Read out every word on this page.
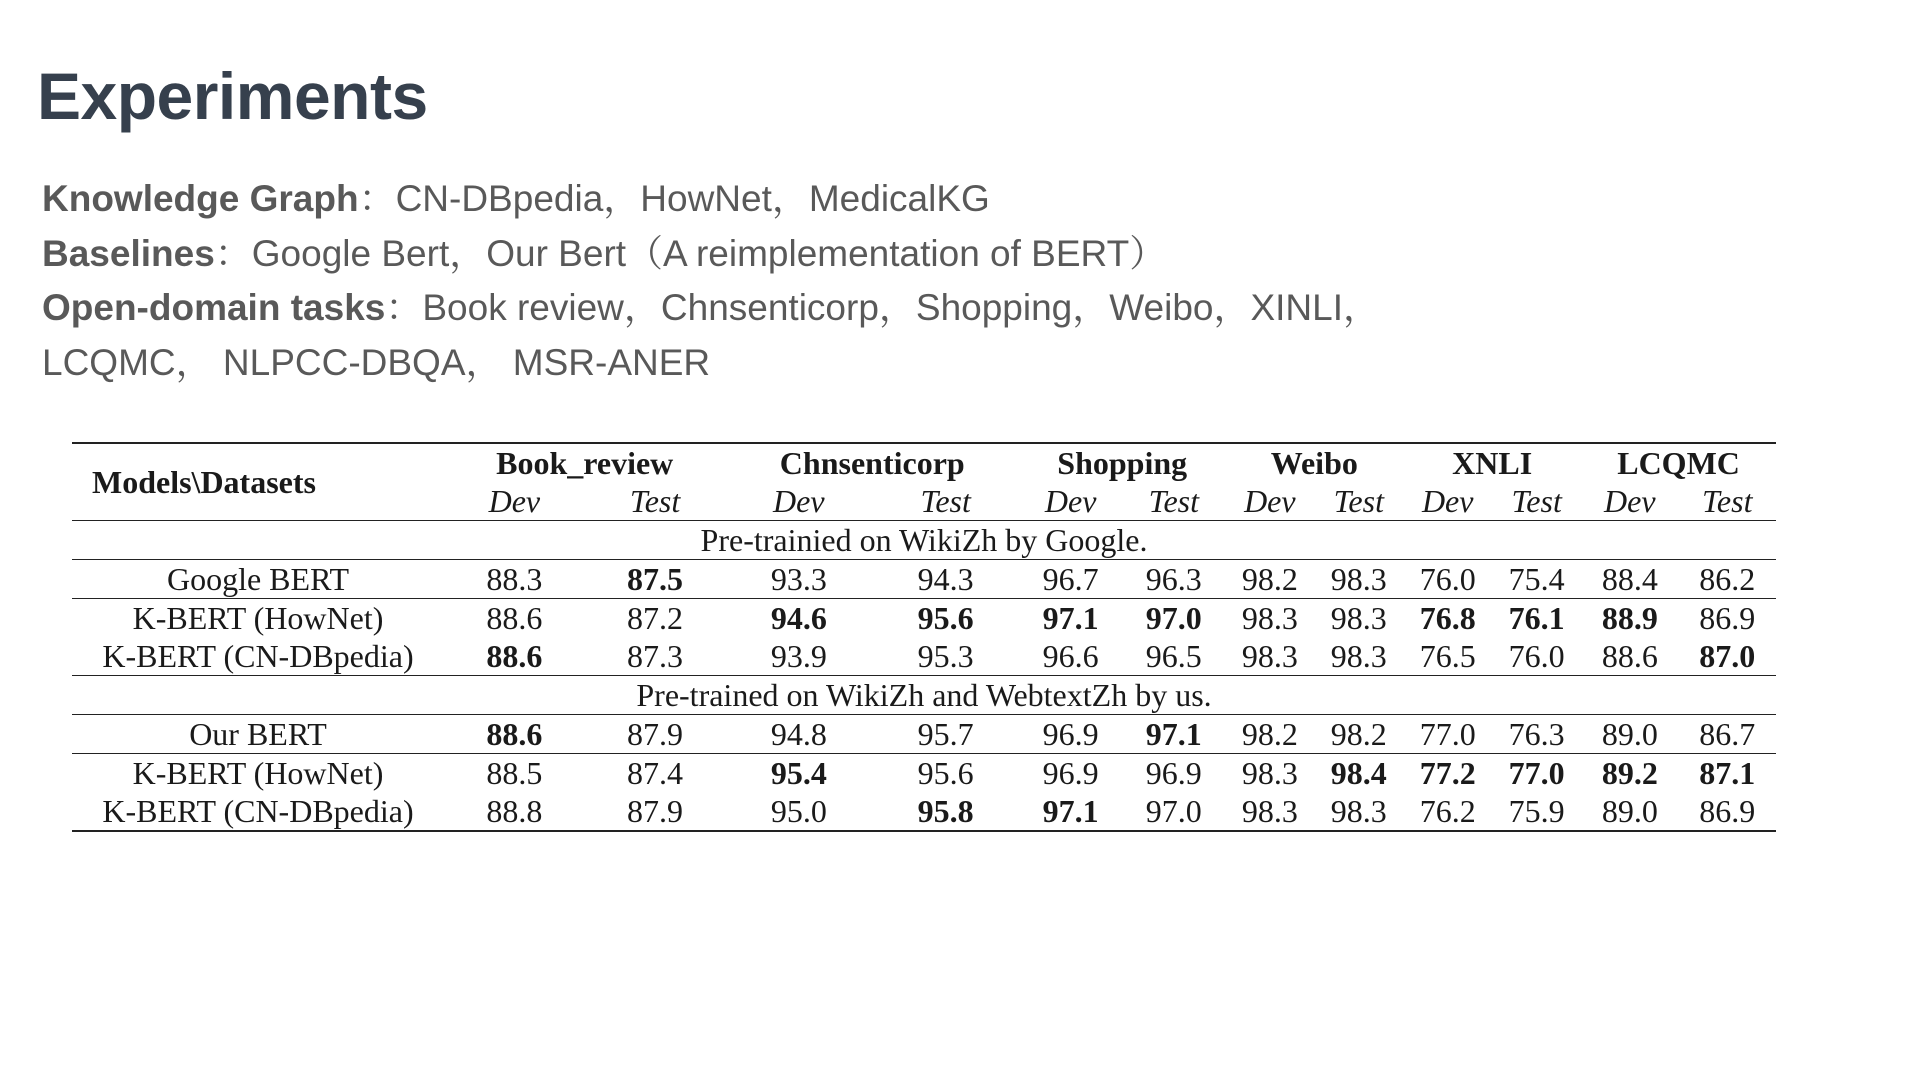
Experiments
Knowledge Graph：CN-DBpedia，HowNet，MedicalKG
Baselines：Google Bert，Our Bert（A reimplementation of BERT）
Open-domain tasks：Book review，Chnsenticorp，Shopping，Weibo，XINLI，
LCQMC， NLPCC-DBQA， MSR-ANER
Models\Datasets	Book_review		Chnsenticorp		Shopping		Weibo		XNLI		LCQMC	
	Dev	Test	Dev	Test	Dev	Test	Dev	Test	Dev	Test	Dev	Test
Pre-trainied on WikiZh by Google.												
Google BERT	88.3	87.5	93.3	94.3	96.7	96.3	98.2	98.3	76.0	75.4	88.4	86.2
K-BERT (HowNet)	88.6	87.2	94.6	95.6	97.1	97.0	98.3	98.3	76.8	76.1	88.9	86.9
K-BERT (CN-DBpedia)	88.6	87.3	93.9	95.3	96.6	96.5	98.3	98.3	76.5	76.0	88.6	87.0
Pre-trained on WikiZh and WebtextZh by us.												
Our BERT	88.6	87.9	94.8	95.7	96.9	97.1	98.2	98.2	77.0	76.3	89.0	86.7
K-BERT (HowNet)	88.5	87.4	95.4	95.6	96.9	96.9	98.3	98.4	77.2	77.0	89.2	87.1
K-BERT (CN-DBpedia)	88.8	87.9	95.0	95.8	97.1	97.0	98.3	98.3	76.2	75.9	89.0	86.9
